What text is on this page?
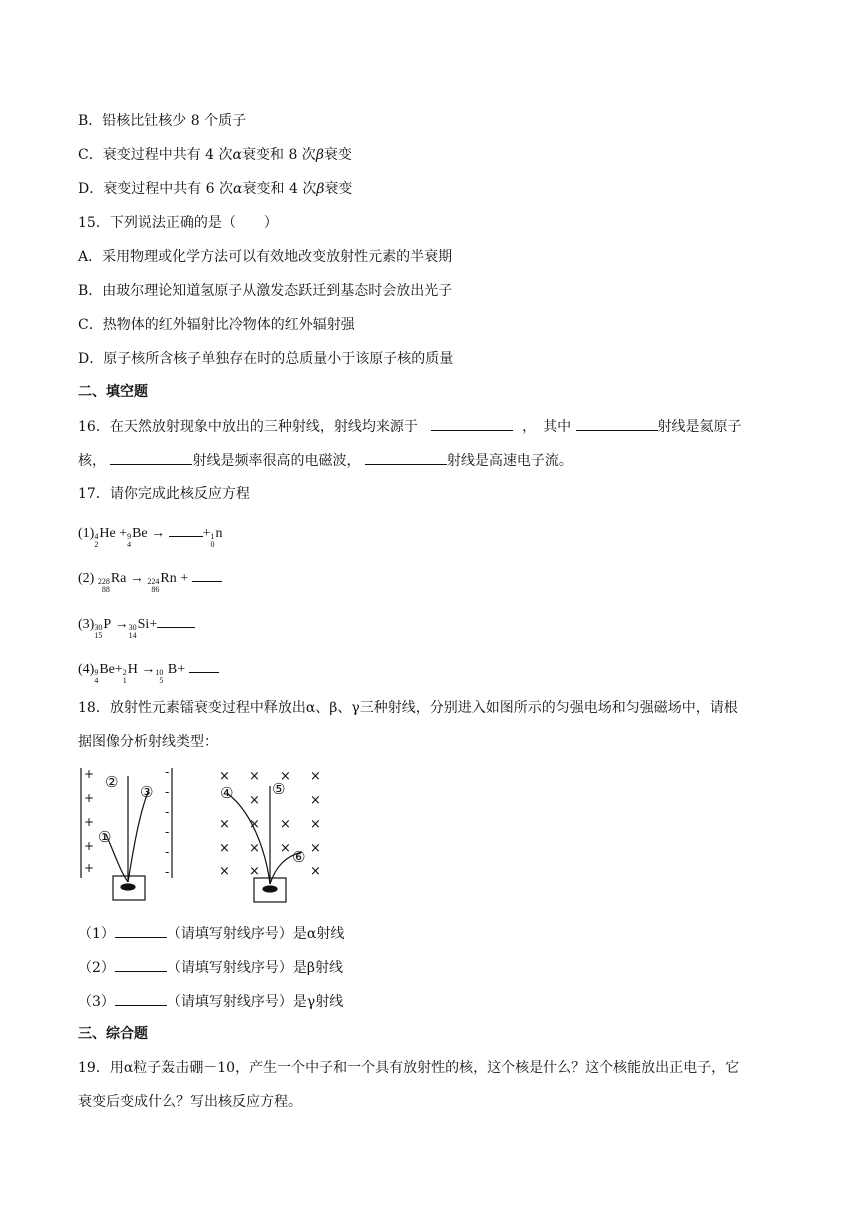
B．铅核比钍核少 8 个质子
C．衰变过程中共有 4 次α衰变和 8 次β衰变
D．衰变过程中共有 6 次α衰变和 4 次β衰变
15．下列说法正确的是（　　）
A．采用物理或化学方法可以有效地改变放射性元素的半衰期
B．由玻尔理论知道氢原子从激发态跃迁到基态时会放出光子
C．热物体的红外辐射比冷物体的红外辐射强
D．原子核所含核子单独存在时的总质量小于该原子核的质量
二、填空题
16．在天然放射现象中放出的三种射线，射线均来源于	，　其中	射线是氦原子
核，	射线是频率很高的电磁波，	射线是高速电子流。
17．请你完成此核反应方程
(1) 4
2
He + 9
4
Be →	+ 1
0
n
(2) 228
88
Ra → 224
86
Rn +
(3) 30
15
P → 30
14
Si+
(4) 9
4
Be+ 2
1
H → 10
5
B+
18．放射性元素镭衰变过程中释放出α、β、γ三种射线，分别进入如图所示的匀强电场和匀强磁场中，请根
据图像分析射线类型：
+
+
+
+
+
-
-
-
-
-
-
②
③
①
× × × ×
×	×
× × × ×
× × × ×
× ×	×
④	⑤
⑥
（1）	（请填写射线序号）是α射线
（2）	（请填写射线序号）是β射线
（3）	（请填写射线序号）是γ射线
三、综合题
19．用α粒子轰击硼－10，产生一个中子和一个具有放射性的核，这个核是什么？这个核能放出正电子，它
衰变后变成什么？写出核反应方程。
